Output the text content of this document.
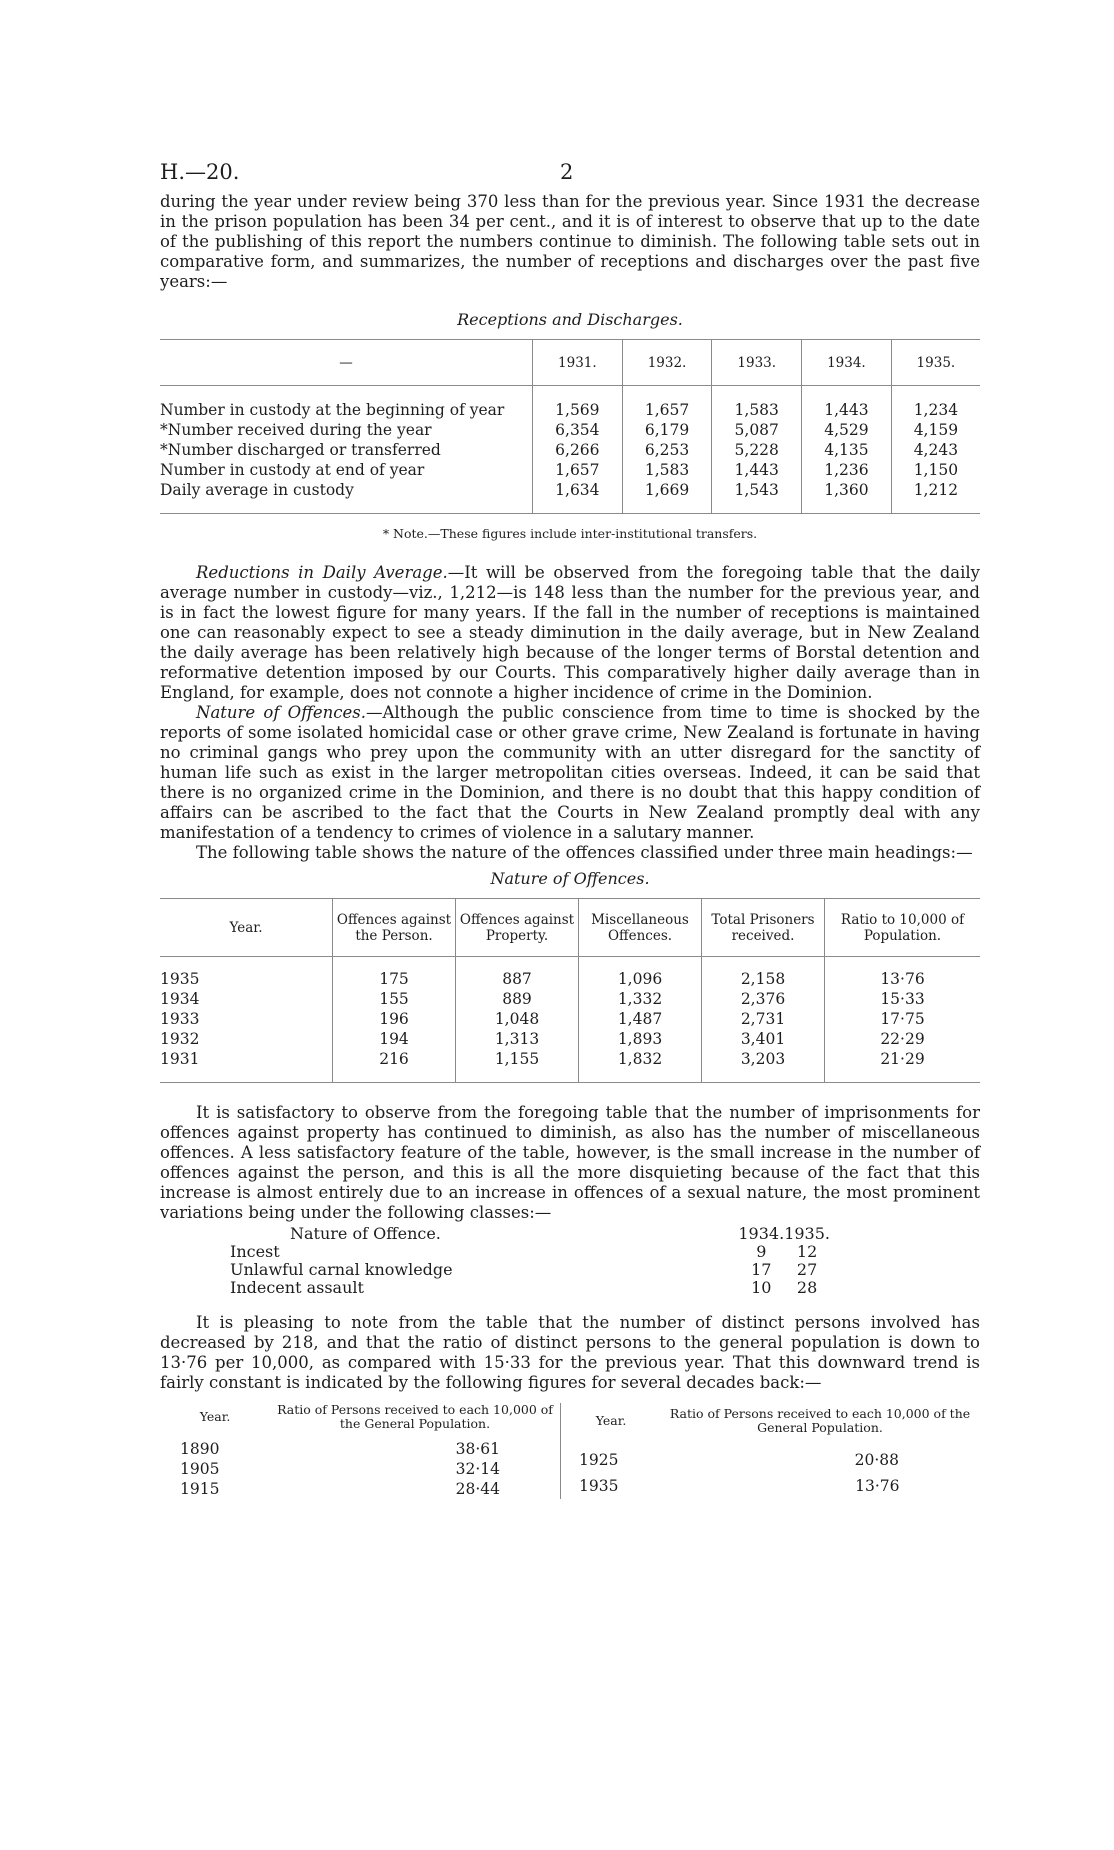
H.—20.	2

during the year under review being 370 less than for the previous year. Since 1931 the decrease in the prison population has been 34 per cent., and it is of interest to observe that up to the date of the publishing of this report the numbers continue to diminish. The following table sets out in comparative form, and summarizes, the number of receptions and discharges over the past five years:—

Receptions and Discharges.
—	1931.	1932.	1933.	1934.	1935.

Number in custody at the beginning of year	1,569	1,657	1,583	1,443	1,234
*Number received during the year	6,354	6,179	5,087	4,529	4,159
*Number discharged or transferred	6,266	6,253	5,228	4,135	4,243
Number in custody at end of year	1,657	1,583	1,443	1,236	1,150
Daily average in custody	1,634	1,669	1,543	1,360	1,212

* Note.—These figures include inter-institutional transfers.

Reductions in Daily Average.—It will be observed from the foregoing table that the daily average number in custody—viz., 1,212—is 148 less than the number for the previous year, and is in fact the lowest figure for many years. If the fall in the number of receptions is maintained one can reasonably expect to see a steady diminution in the daily average, but in New Zealand the daily average has been relatively high because of the longer terms of Borstal detention and reformative detention imposed by our Courts. This comparatively higher daily average than in England, for example, does not connote a higher incidence of crime in the Dominion.

Nature of Offences.—Although the public conscience from time to time is shocked by the reports of some isolated homicidal case or other grave crime, New Zealand is fortunate in having no criminal gangs who prey upon the community with an utter disregard for the sanctity of human life such as exist in the larger metropolitan cities overseas. Indeed, it can be said that there is no organized crime in the Dominion, and there is no doubt that this happy condition of affairs can be ascribed to the fact that the Courts in New Zealand promptly deal with any manifestation of a tendency to crimes of violence in a salutary manner.

The following table shows the nature of the offences classified under three main headings:—

Nature of Offences.
Year.	Offences against the Person.	Offences against Property.	Miscellaneous Offences.	Total Prisoners received.	Ratio to 10,000 of Population.

1935	175	887	1,096	2,158	13·76
1934	155	889	1,332	2,376	15·33
1933	196	1,048	1,487	2,731	17·75
1932	194	1,313	1,893	3,401	22·29
1931	216	1,155	1,832	3,203	21·29

It is satisfactory to observe from the foregoing table that the number of imprisonments for offences against property has continued to diminish, as also has the number of miscellaneous offences. A less satisfactory feature of the table, however, is the small increase in the number of offences against the person, and this is all the more disquieting because of the fact that this increase is almost entirely due to an increase in offences of a sexual nature, the most prominent variations being under the following classes:—

Nature of Offence.	1934.	1935.
Incest	9	12
Unlawful carnal knowledge	17	27
Indecent assault	10	28

It is pleasing to note from the table that the number of distinct persons involved has decreased by 218, and that the ratio of distinct persons to the general population is down to 13·76 per 10,000, as compared with 15·33 for the previous year. That this downward trend is fairly constant is indicated by the following figures for several decades back:—

Year.	Ratio of Persons received to each 10,000 of the General Population.

1890	38·61
1905	32·14
1915	28·44
Year.	Ratio of Persons received to each 10,000 of the General Population.

1925	20·88
1935	13·76
